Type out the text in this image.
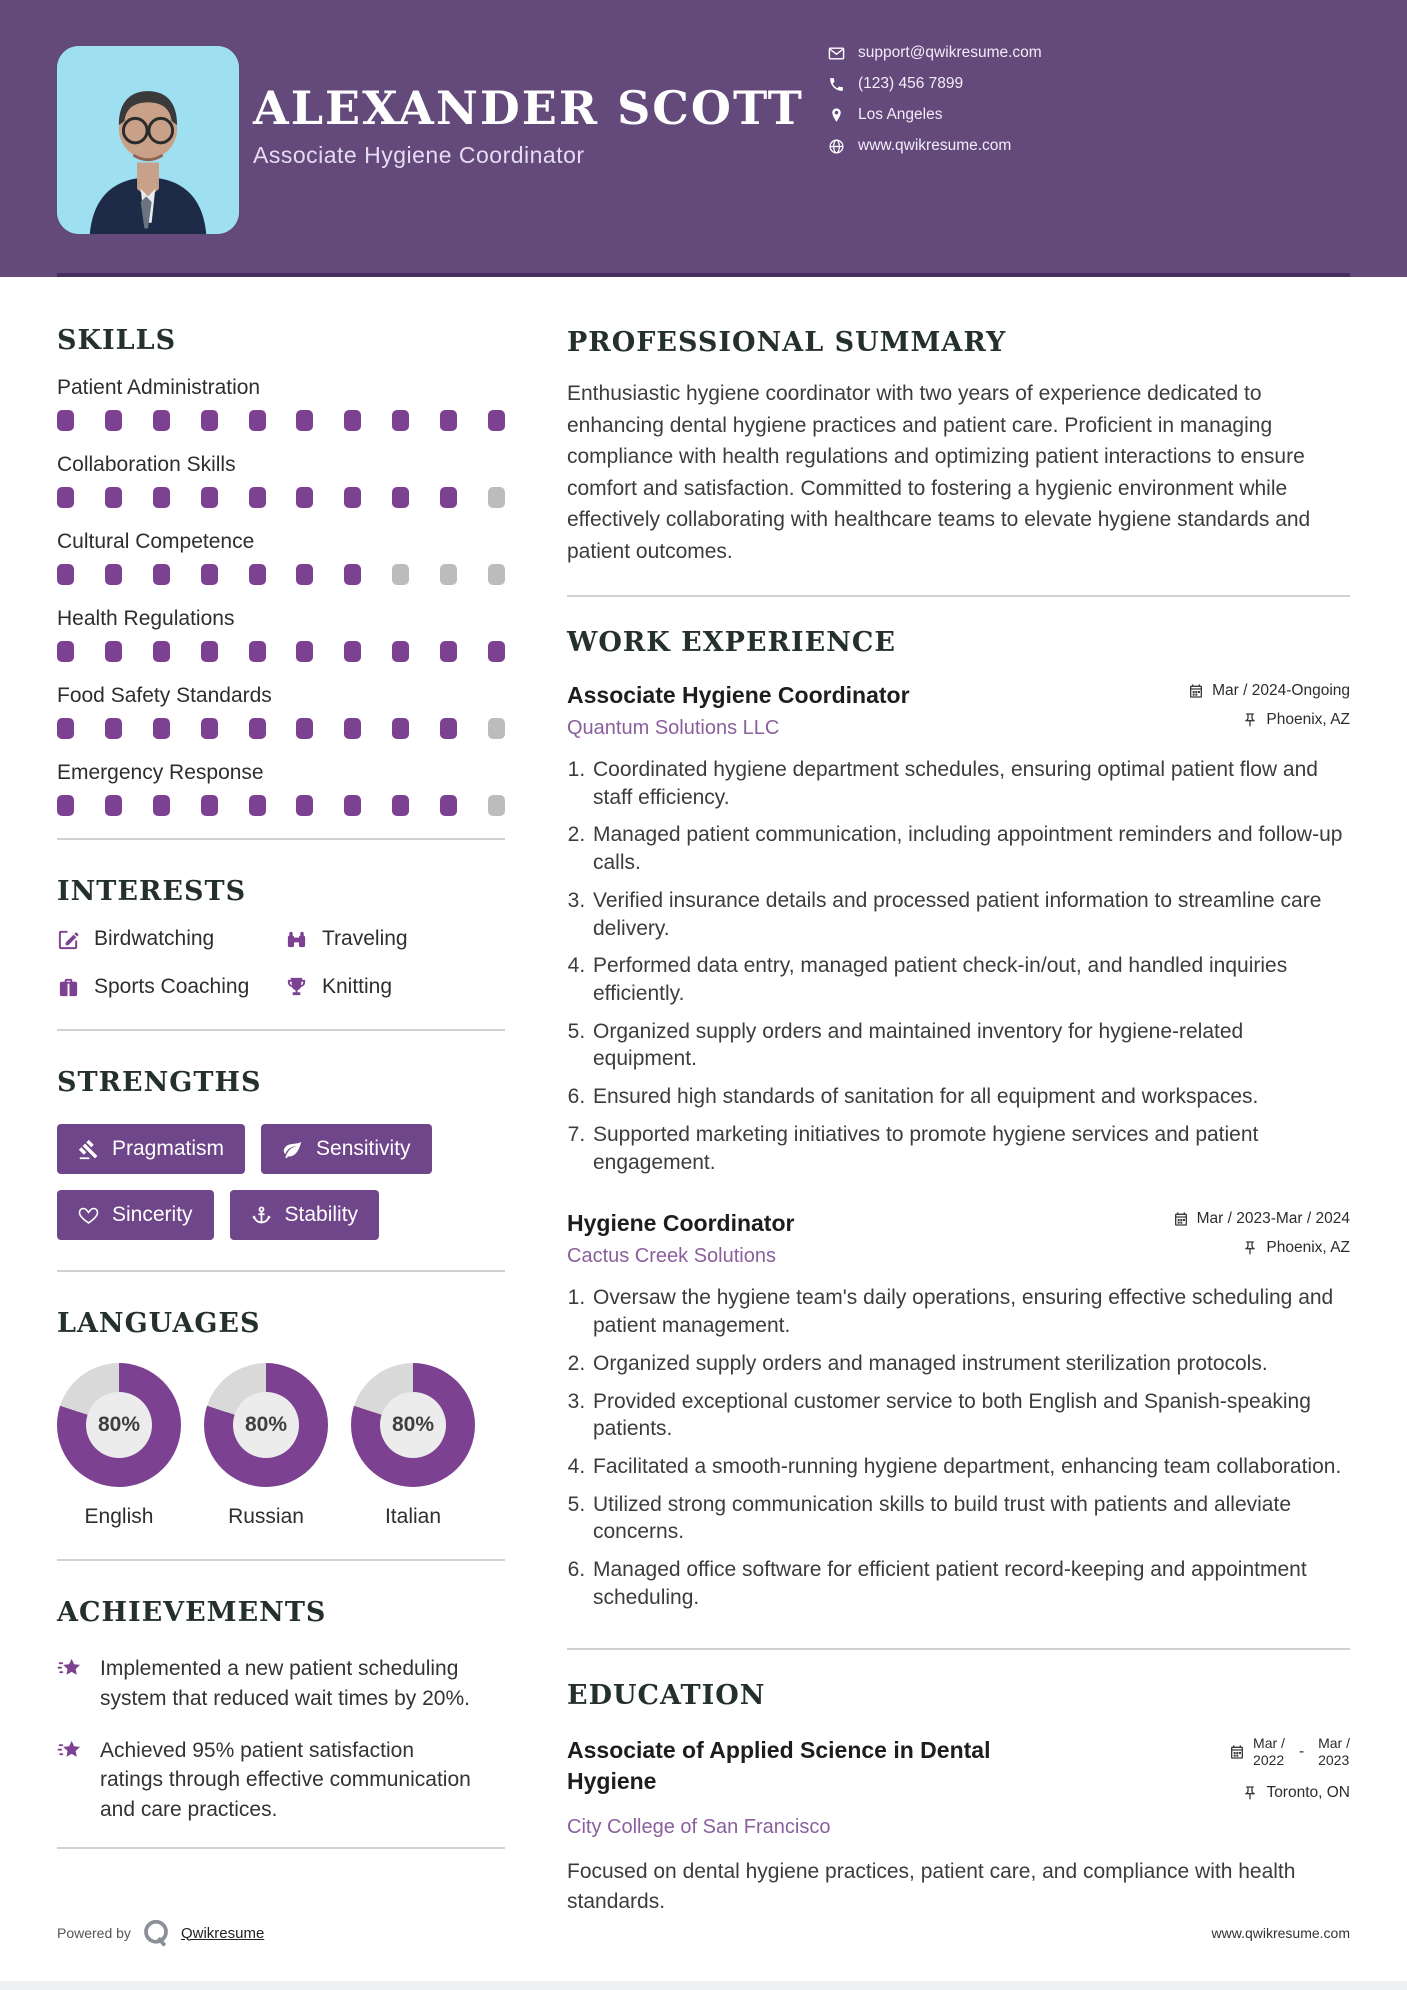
ALEXANDER SCOTT
Associate Hygiene Coordinator
support@qwikresume.com
(123) 456 7899
Los Angeles
www.qwikresume.com
SKILLS
Patient Administration
Collaboration Skills
Cultural Competence
Health Regulations
Food Safety Standards
Emergency Response
INTERESTS
Birdwatching	Traveling
Sports Coaching	Knitting
STRENGTHS
Pragmatism	Sensitivity
Sincerity	Stability
LANGUAGES
80%
English
80%
Russian
80%
Italian
ACHIEVEMENTS
Implemented a new patient scheduling system that reduced wait times by 20%.
Achieved 95% patient satisfaction ratings through effective communication and care practices.
PROFESSIONAL SUMMARY

Enthusiastic hygiene coordinator with two years of experience dedicated to enhancing dental hygiene practices and patient care. Proficient in managing compliance with health regulations and optimizing patient interactions to ensure comfort and satisfaction. Committed to fostering a hygienic environment while effectively collaborating with healthcare teams to elevate hygiene standards and patient outcomes.

WORK EXPERIENCE
Associate Hygiene Coordinator
Quantum Solutions LLC
Mar / 2024-Ongoing
Phoenix, AZ
1. Coordinated hygiene department schedules, ensuring optimal patient flow and staff efficiency.
2. Managed patient communication, including appointment reminders and follow-up calls.
3. Verified insurance details and processed patient information to streamline care delivery.
4. Performed data entry, managed patient check-in/out, and handled inquiries efficiently.
5. Organized supply orders and maintained inventory for hygiene-related equipment.
6. Ensured high standards of sanitation for all equipment and workspaces.
7. Supported marketing initiatives to promote hygiene services and patient engagement.
Hygiene Coordinator
Cactus Creek Solutions
Mar / 2023-Mar / 2024
Phoenix, AZ
1. Oversaw the hygiene team's daily operations, ensuring effective scheduling and patient management.
2. Organized supply orders and managed instrument sterilization protocols.
3. Provided exceptional customer service to both English and Spanish-speaking patients.
4. Facilitated a smooth-running hygiene department, enhancing team collaboration.
5. Utilized strong communication skills to build trust with patients and alleviate concerns.
6. Managed office software for efficient patient record-keeping and appointment scheduling.
EDUCATION
Associate of Applied Science in Dental Hygiene
Mar /
2022 -
Mar /
2023
Toronto, ON
City College of San Francisco

Focused on dental hygiene practices, patient care, and compliance with health standards.

Powered by	Qwikresume	www.qwikresume.com
